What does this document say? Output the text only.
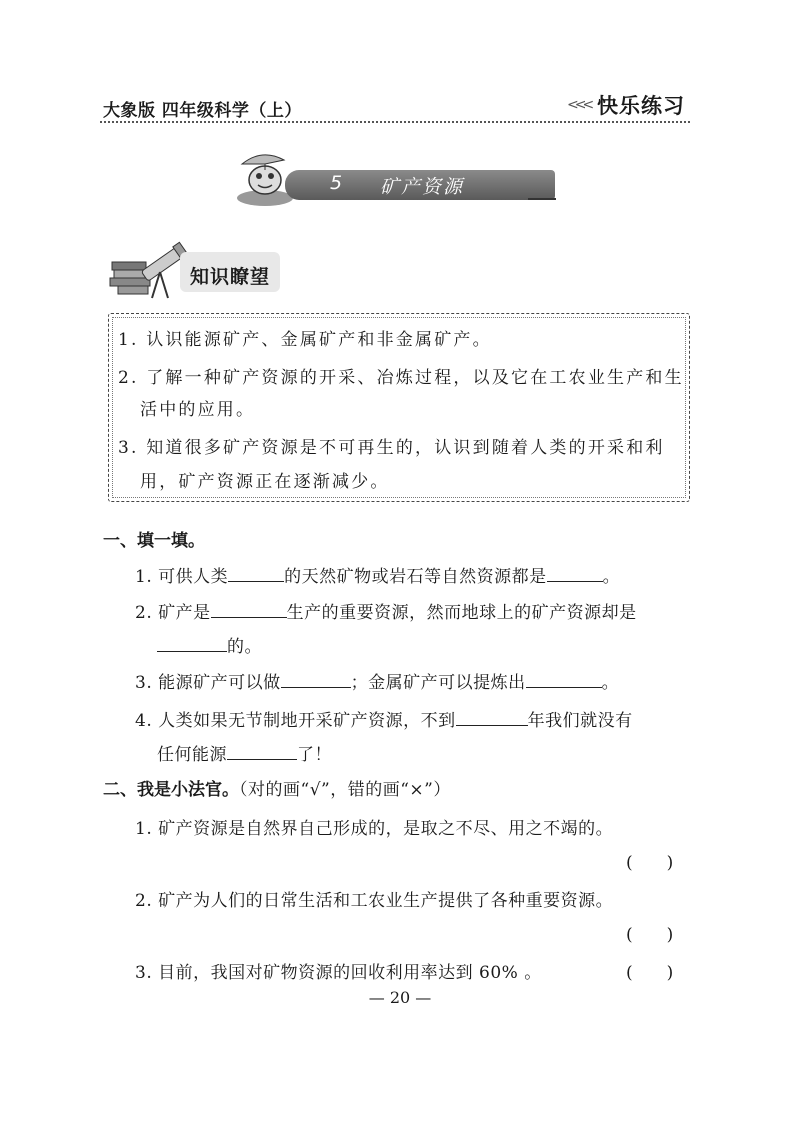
大象版 四年级科学（上）	<<< 快乐练习
5 矿产资源
知识瞭望
1. 认识能源矿产、金属矿产和非金属矿产。
2. 了解一种矿产资源的开采、冶炼过程，以及它在工农业生产和生
活中的应用。
3. 知道很多矿产资源是不可再生的，认识到随着人类的开采和利
用，矿产资源正在逐渐减少。
一、填一填。
1. 可供人类	的天然矿物或岩石等自然资源都是	。
2. 矿产是	生产的重要资源，然而地球上的矿产资源却是
的。
3. 能源矿产可以做	；金属矿产可以提炼出	。
4. 人类如果无节制地开采矿产资源，不到	年我们就没有
任何能源	了！
二、我是小法官。（对的画“√”，错的画“×”）
1. 矿产资源是自然界自己形成的，是取之不尽、用之不竭的。
(　　)
2. 矿产为人们的日常生活和工农业生产提供了各种重要资源。
(　　)
3. 目前，我国对矿物资源的回收利用率达到 60% 。	(　　)
— 20 —
